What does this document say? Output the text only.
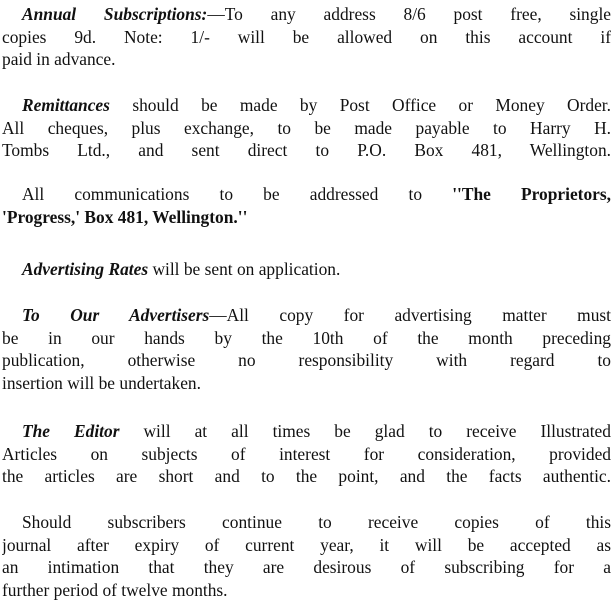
Annual Subscriptions:—To any address 8/6 post free, single
copies 9d. Note: 1/- will be allowed on this account if
paid in advance.
Remittances should be made by Post Office or Money Order.
All cheques, plus exchange, to be made payable to Harry H.
Tombs Ltd., and sent direct to P.O. Box 481, Wellington.
All communications to be addressed to ''The Proprietors,
'Progress,' Box 481, Wellington.''
Advertising Rates will be sent on application.
To Our Advertisers—All copy for advertising matter must
be in our hands by the 10th of the month preceding
publication, otherwise no responsibility with regard to
insertion will be undertaken.
The Editor will at all times be glad to receive Illustrated
Articles on subjects of interest for consideration, provided
the articles are short and to the point, and the facts authentic.
Should subscribers continue to receive copies of this
journal after expiry of current year, it will be accepted as
an intimation that they are desirous of subscribing for a
further period of twelve months.
